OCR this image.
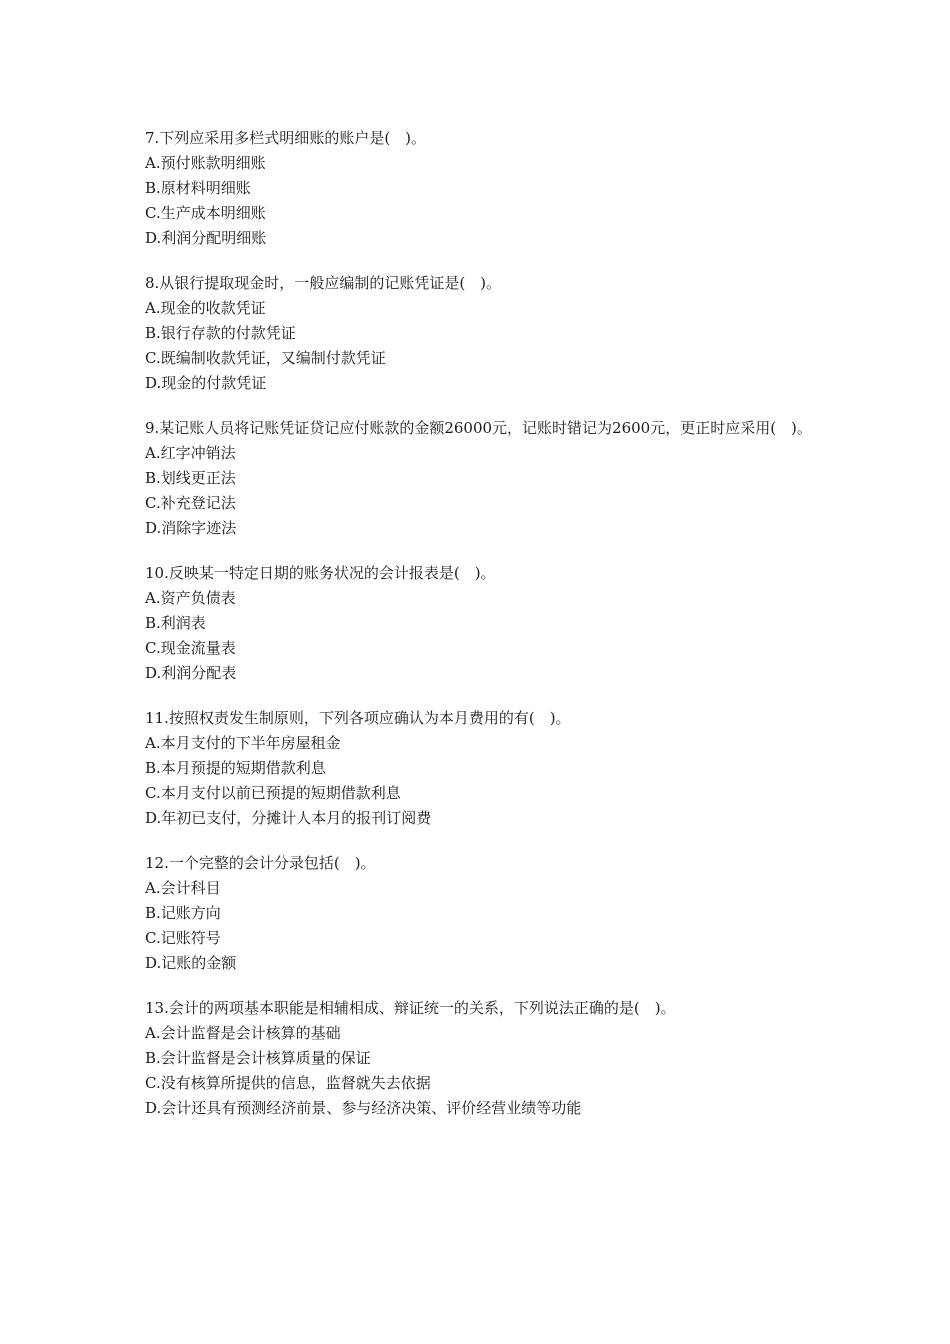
7.下列应采用多栏式明细账的账户是(　)。

A.预付账款明细账

B.原材料明细账

C.生产成本明细账

D.利润分配明细账

8.从银行提取现金时，一般应编制的记账凭证是(　)。

A.现金的收款凭证

B.银行存款的付款凭证

C.既编制收款凭证，又编制付款凭证

D.现金的付款凭证

9.某记账人员将记账凭证贷记应付账款的金额26000元，记账时错记为2600元，更正时应采用(　)。

A.红字冲销法

B.划线更正法

C.补充登记法

D.消除字迹法

10.反映某一特定日期的账务状况的会计报表是(　)。

A.资产负债表

B.利润表

C.现金流量表

D.利润分配表

11.按照权责发生制原则，下列各项应确认为本月费用的有(　)。

A.本月支付的下半年房屋租金

B.本月预提的短期借款利息

C.本月支付以前已预提的短期借款利息

D.年初已支付，分摊计人本月的报刊订阅费

12.一个完整的会计分录包括(　)。

A.会计科目

B.记账方向

C.记账符号

D.记账的金额

13.会计的两项基本职能是相辅相成、辩证统一的关系，下列说法正确的是(　)。

A.会计监督是会计核算的基础

B.会计监督是会计核算质量的保证

C.没有核算所提供的信息，监督就失去依据

D.会计还具有预测经济前景、参与经济决策、评价经营业绩等功能
